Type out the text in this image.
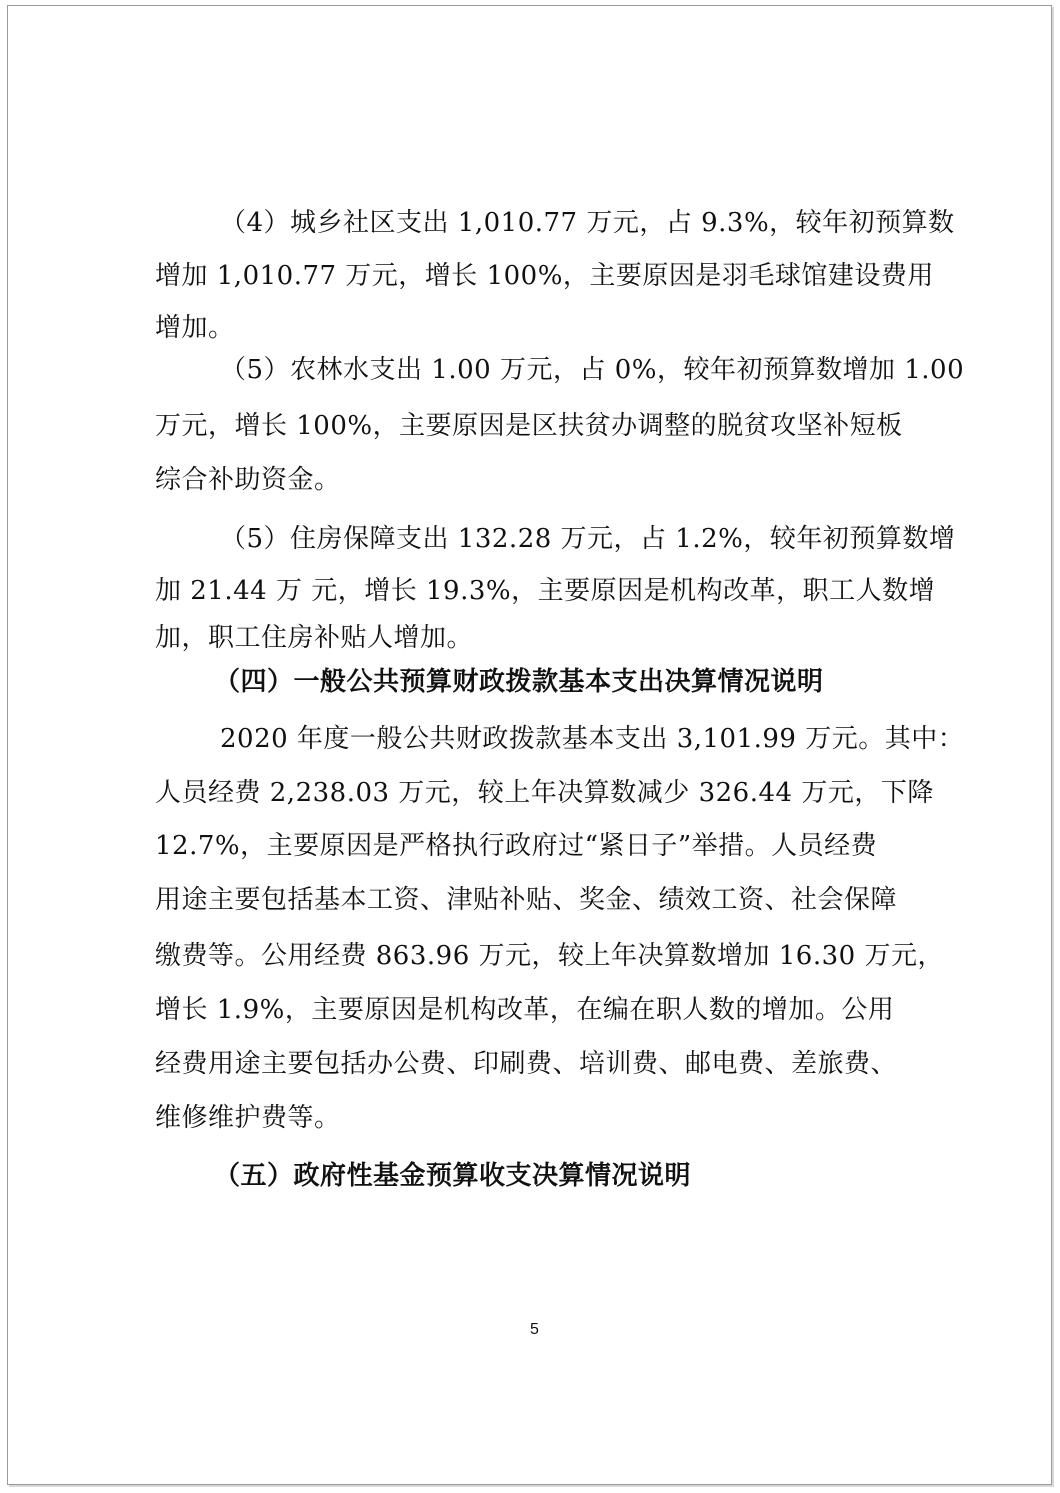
（4）城乡社区支出 1,010.77 万元，占 9.3%，较年初预算数
增加 1,010.77 万元，增长 100%，主要原因是羽毛球馆建设费用
增加。
（5）农林水支出 1.00 万元，占 0%，较年初预算数增加 1.00
万元，增长 100%，主要原因是区扶贫办调整的脱贫攻坚补短板
综合补助资金。
（5）住房保障支出 132.28 万元，占 1.2%，较年初预算数增
加 21.44 万 元，增长 19.3%，主要原因是机构改革，职工人数增
加，职工住房补贴人增加。
（四）一般公共预算财政拨款基本支出决算情况说明
2020 年度一般公共财政拨款基本支出 3,101.99 万元。其中：
人员经费 2,238.03 万元，较上年决算数减少 326.44 万元，下降
12.7%，主要原因是严格执行政府过“紧日子”举措。人员经费
用途主要包括基本工资、津贴补贴、奖金、绩效工资、社会保障
缴费等。公用经费 863.96 万元，较上年决算数增加 16.30 万元，
增长 1.9%，主要原因是机构改革，在编在职人数的增加。公用
经费用途主要包括办公费、印刷费、培训费、邮电费、差旅费、
维修维护费等。
（五）政府性基金预算收支决算情况说明
5
